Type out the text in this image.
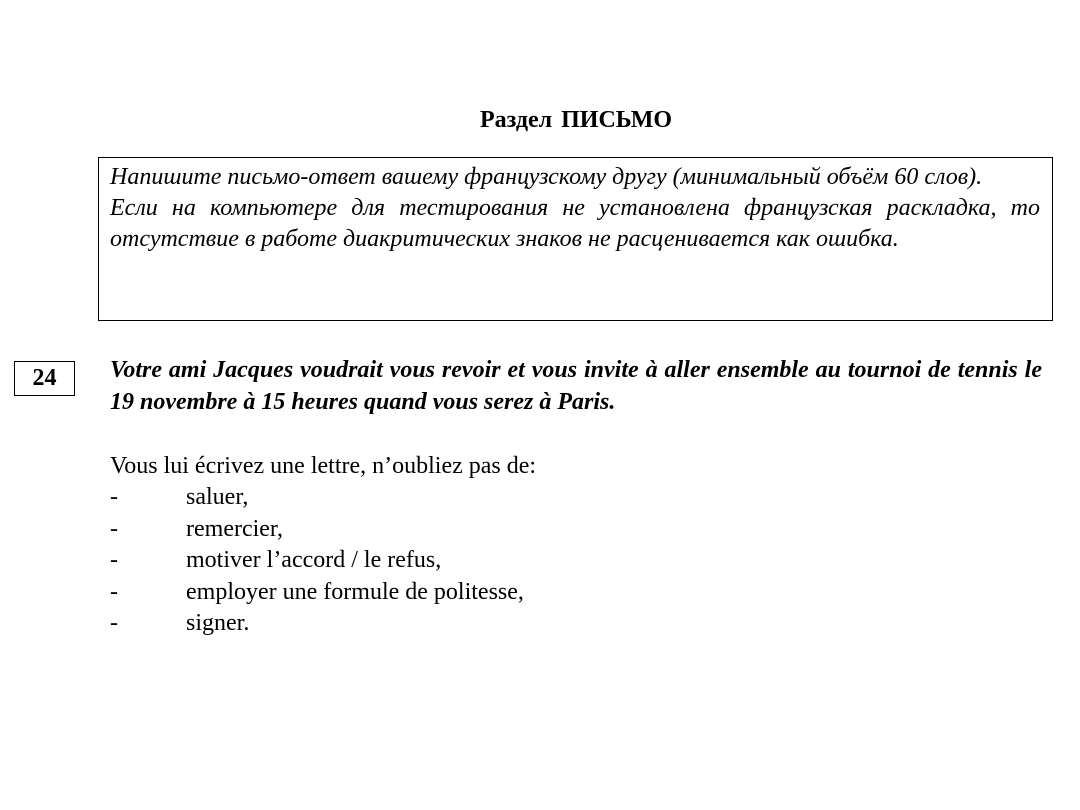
Раздел ПИСЬМО

Напишите письмо-ответ вашему французскому другу (минимальный объём 60 слов).

Если на компьютере для тестирования не установлена французская раскладка, то отсутствие в работе диакритических знаков не расценивается как ошибка.

24	Votre ami Jacques voudrait vous revoir et vous invite à aller ensemble au tournoi de tennis le 19 novembre à 15 heures quand vous serez à Paris.

Vous lui écrivez une lettre, n’oubliez pas de:

-	saluer,
-	remercier,
-	motiver l’accord / le refus,
-	employer une formule de politesse,
-	signer.
